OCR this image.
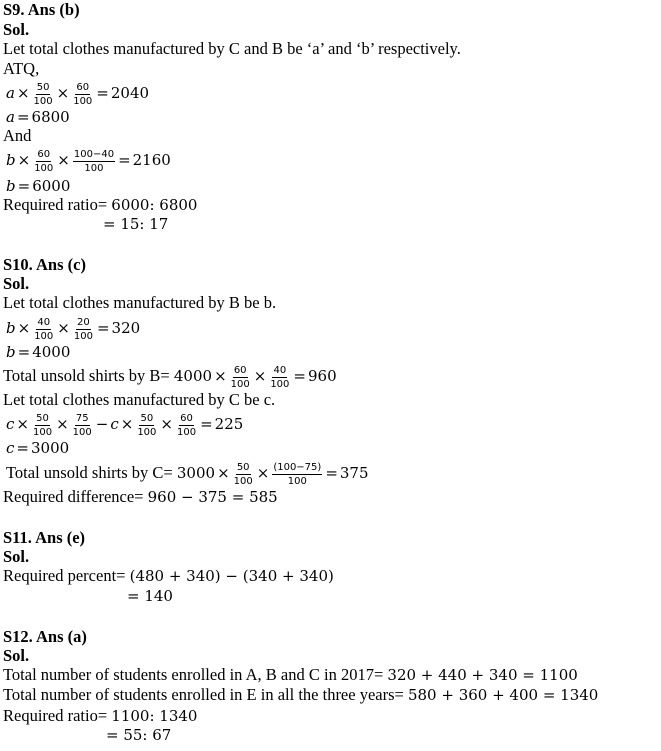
S9. Ans (b)
Sol.
Let total clothes manufactured by C and B be ‘a’ and ‘b’ respectively.
ATQ,
$a \times \frac{50}{100} \times \frac{60}{100} = 2040$
a = 6800
And
$b \times \frac{60}{100} \times \frac{100-40}{100} = 2160$
b = 6000
Required ratio= 6000: 6800
= 15: 17
S10. Ans (c)
Sol.
Let total clothes manufactured by B be b.
$b \times \frac{40}{100} \times \frac{20}{100} = 320$
b = 4000
Total unsold shirts by $B= 4000 \times \frac{60}{100} \times \frac{40}{100} = 960$
Let total clothes manufactured by C be c.
$c \times \frac{50}{100} \times \frac{75}{100} - c \times \frac{50}{100} \times \frac{60}{100} = 225$
c = 3000
Total unsold shirts by $C= 3000 \times \frac{50}{100} \times \frac{(100-75)}{100} = 375$
Required difference= 960 − 375 = 585
S11. Ans (e)
Sol.
Required percent= (480 + 340) − (340 + 340)
= 140
S12. Ans (a)
Sol.
Total number of students enrolled in A, B and C in 2017= 320 + 440 + 340 = 1100
Total number of students enrolled in E in all the three years= 580 + 360 + 400 = 1340
Required ratio= 1100: 1340
= 55: 67
